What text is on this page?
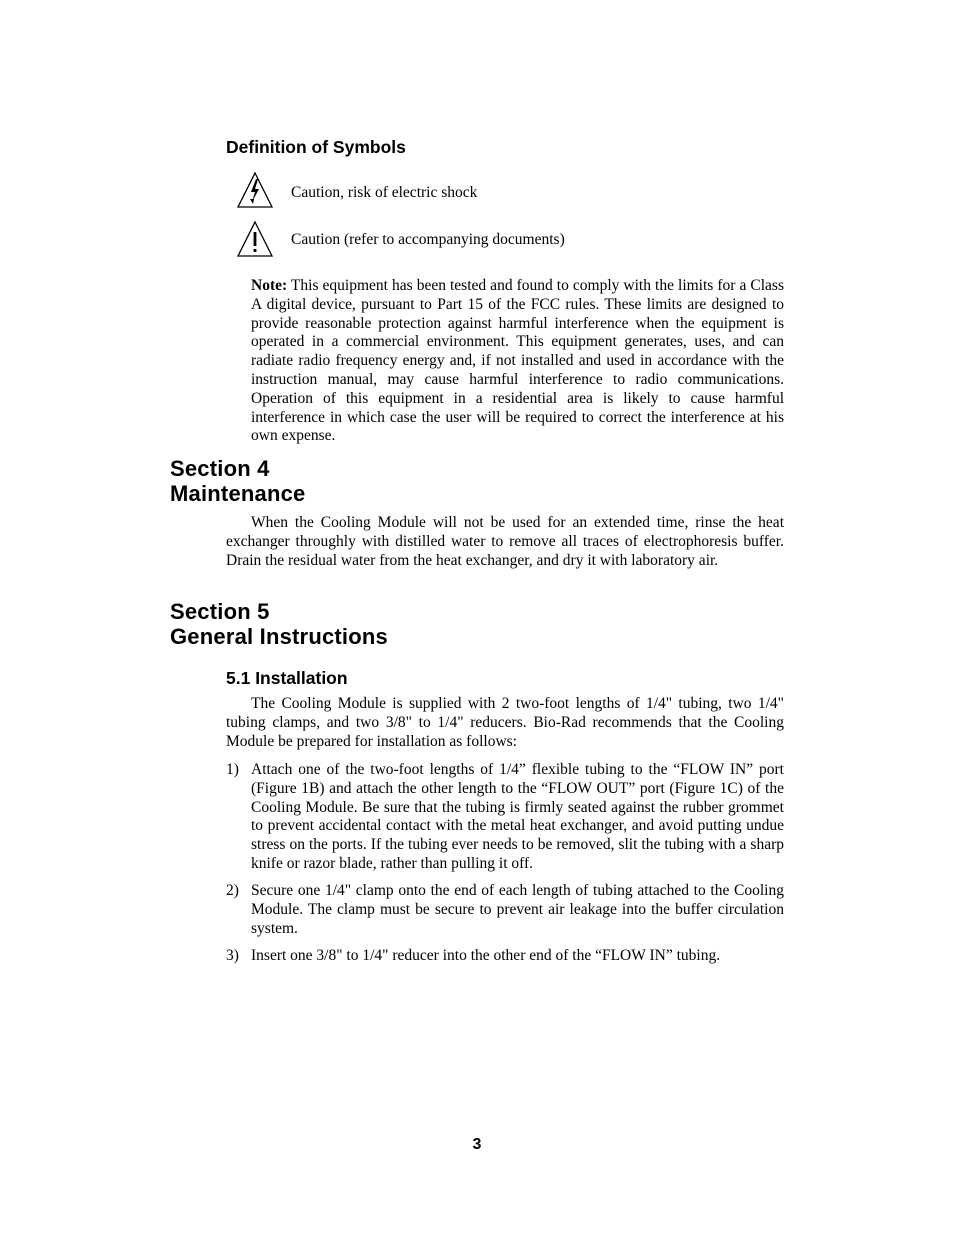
Definition of Symbols
Caution, risk of electric shock
Caution (refer to accompanying documents)

Note: This equipment has been tested and found to comply with the limits for a Class A digital device, pursuant to Part 15 of the FCC rules. These limits are designed to provide reasonable protection against harmful interference when the equipment is operated in a commercial environment. This equipment generates, uses, and can radiate radio frequency energy and, if not installed and used in accordance with the instruction manual, may cause harmful interference to radio communications. Operation of this equipment in a residential area is likely to cause harmful interference in which case the user will be required to correct the interference at his own expense.

Section 4
Maintenance

When the Cooling Module will not be used for an extended time, rinse the heat exchanger throughly with distilled water to remove all traces of electrophoresis buffer. Drain the residual water from the heat exchanger, and dry it with laboratory air.

Section 5
General Instructions
5.1 Installation

The Cooling Module is supplied with 2 two-foot lengths of 1/4" tubing, two 1/4" tubing clamps, and two 3/8" to 1/4" reducers. Bio-Rad recommends that the Cooling Module be prepared for installation as follows:

1) Attach one of the two-foot lengths of 1/4” flexible tubing to the “FLOW IN” port (Figure 1B) and attach the other length to the “FLOW OUT” port (Figure 1C) of the Cooling Module. Be sure that the tubing is firmly seated against the rubber grommet to prevent accidental contact with the metal heat exchanger, and avoid putting undue stress on the ports. If the tubing ever needs to be removed, slit the tubing with a sharp knife or razor blade, rather than pulling it off.
2) Secure one 1/4" clamp onto the end of each length of tubing attached to the Cooling Module. The clamp must be secure to prevent air leakage into the buffer circulation system.
3) Insert one 3/8" to 1/4" reducer into the other end of the “FLOW IN” tubing.
3
